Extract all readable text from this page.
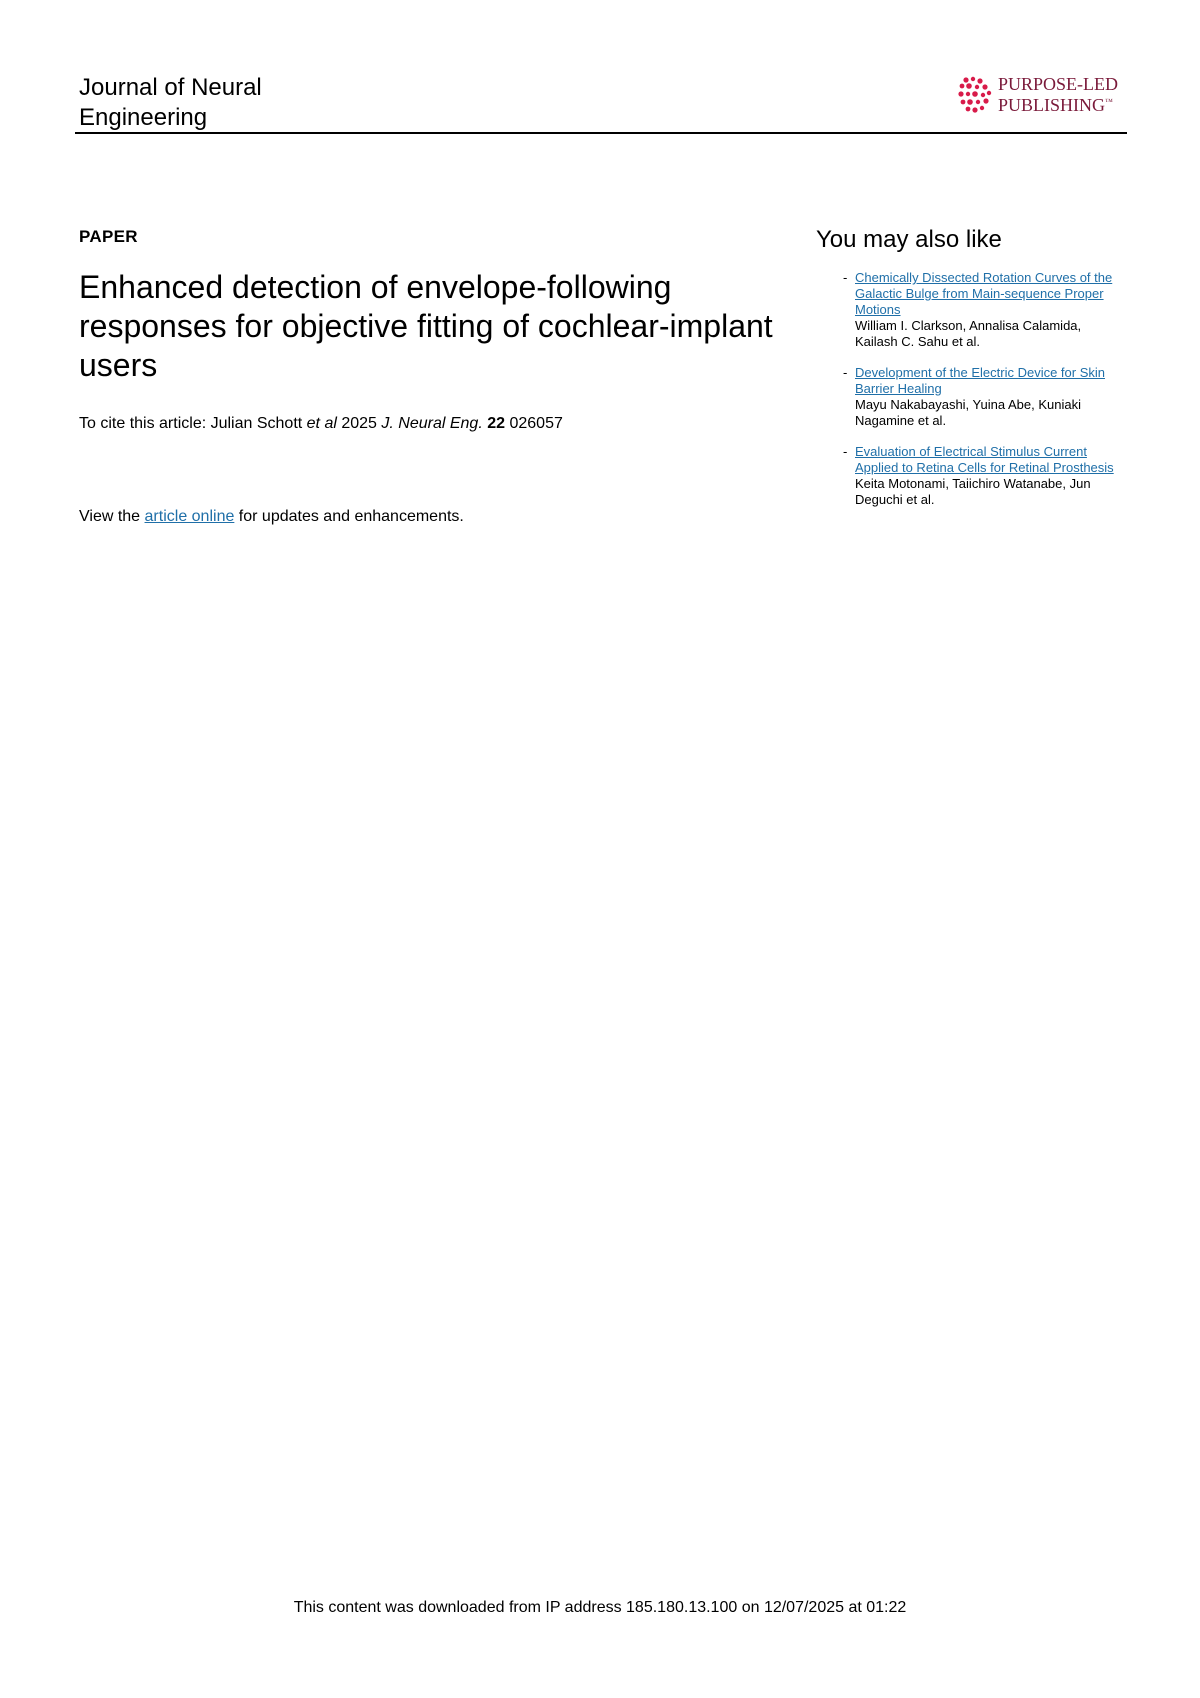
Journal of Neural Engineering
PURPOSE-LED
PUBLISHING™
PAPER
Enhanced detection of envelope-following responses for objective fitting of cochlear-implant users
To cite this article: Julian Schott et al 2025 J. Neural Eng. 22 026057
View the article online for updates and enhancements.
You may also like
- Chemically Dissected Rotation Curves of the Galactic Bulge from Main-sequence Proper Motions
William I. Clarkson, Annalisa Calamida, Kailash C. Sahu et al.
- Development of the Electric Device for Skin Barrier Healing
Mayu Nakabayashi, Yuina Abe, Kuniaki Nagamine et al.
- Evaluation of Electrical Stimulus Current Applied to Retina Cells for Retinal Prosthesis
Keita Motonami, Taiichiro Watanabe, Jun Deguchi et al.
This content was downloaded from IP address 185.180.13.100 on 12/07/2025 at 01:22
